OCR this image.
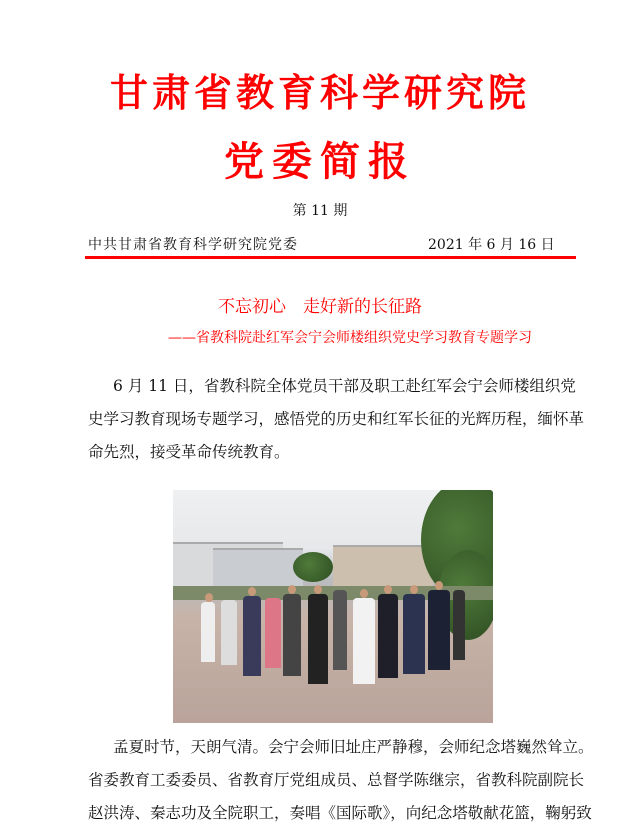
甘肃省教育科学研究院
党委简报
第 11 期
中共甘肃省教育科学研究院党委	2021 年 6 月 16 日
不忘初心　走好新的长征路
——省教科院赴红军会宁会师楼组织党史学习教育专题学习
6 月 11 日，省教科院全体党员干部及职工赴红军会宁会师楼组织党
史学习教育现场专题学习，感悟党的历史和红军长征的光辉历程，缅怀革
命先烈，接受革命传统教育。
孟夏时节，天朗气清。会宁会师旧址庄严静穆，会师纪念塔巍然耸立。
省委教育工委委员、省教育厅党组成员、总督学陈继宗，省教科院副院长
赵洪涛、秦志功及全院职工，奏唱《国际歌》，向纪念塔敬献花篮，鞠躬致
